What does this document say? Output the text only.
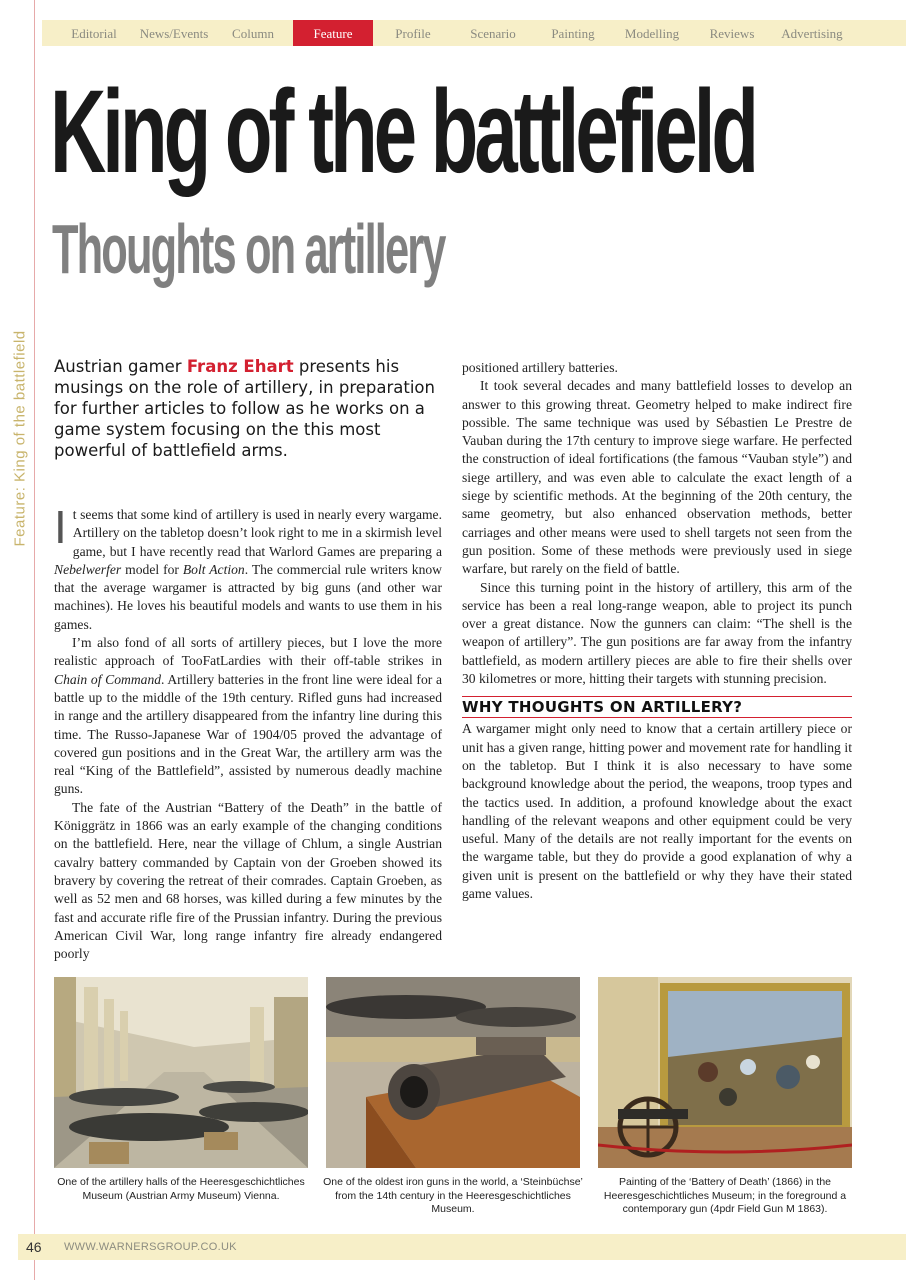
Editorial	News/Events	Column	Feature	Profile	Scenario	Painting	Modelling	Reviews	Advertising
Feature: King of the battlefield
King of the battlefield
Thoughts on artillery
Austrian gamer Franz Ehart presents his musings on the role of artillery, in preparation for further articles to follow as he works on a game system focusing on the this most powerful of battlefield arms.

It seems that some kind of artillery is used in nearly every wargame. Artillery on the tabletop doesn’t look right to me in a skirmish level game, but I have recently read that Warlord Games are preparing a Nebelwerfer model for Bolt Action. The commercial rule writers know that the average wargamer is attracted by big guns (and other war machines). He loves his beautiful models and wants to use them in his games.

I’m also fond of all sorts of artillery pieces, but I love the more realistic approach of TooFatLardies with their off-table strikes in Chain of Command. Artillery batteries in the front line were ideal for a battle up to the middle of the 19th century. Rifled guns had increased in range and the artillery disappeared from the infantry line during this time. The Russo-Japanese War of 1904/05 proved the advantage of covered gun positions and in the Great War, the artillery arm was the real “King of the Battlefield”, assisted by numerous deadly machine guns.

The fate of the Austrian “Battery of the Death” in the battle of Königgrätz in 1866 was an early example of the changing conditions on the battlefield. Here, near the village of Chlum, a single Austrian cavalry battery commanded by Captain von der Groeben showed its bravery by covering the retreat of their comrades. Captain Groeben, as well as 52 men and 68 horses, was killed during a few minutes by the fast and accurate rifle fire of the Prussian infantry. During the previous American Civil War, long range infantry fire already endangered poorly

positioned artillery batteries.

It took several decades and many battlefield losses to develop an answer to this growing threat. Geometry helped to make indirect fire possible. The same technique was used by Sébastien Le Prestre de Vauban during the 17th century to improve siege warfare. He perfected the construction of ideal fortifications (the famous “Vauban style”) and siege artillery, and was even able to calculate the exact length of a siege by scientific methods. At the beginning of the 20th century, the same geometry, but also enhanced observation methods, better carriages and other means were used to shell targets not seen from the gun position. Some of these methods were previously used in siege warfare, but rarely on the field of battle.

Since this turning point in the history of artillery, this arm of the service has been a real long-range weapon, able to project its punch over a great distance. Now the gunners can claim: “The shell is the weapon of artillery”. The gun positions are far away from the infantry battlefield, as modern artillery pieces are able to fire their shells over 30 kilometres or more, hitting their targets with stunning precision.

WHY THOUGHTS ON ARTILLERY?

A wargamer might only need to know that a certain artillery piece or unit has a given range, hitting power and movement rate for handling it on the tabletop. But I think it is also necessary to have some background knowledge about the period, the weapons, troop types and the tactics used. In addition, a profound knowledge about the exact handling of the relevant weapons and other equipment could be very useful. Many of the details are not really important for the events on the wargame table, but they do provide a good explanation of why a given unit is present on the battlefield or why they have their stated game values.

One of the artillery halls of the Heeresgeschichtliches Museum (Austrian Army Museum) Vienna.
One of the oldest iron guns in the world, a ‘Steinbüchse’ from the 14th century in the Heeresgeschichtliches Museum.
Painting of the ‘Battery of Death’ (1866) in the Heeresgeschichtliches Museum; in the foreground a contemporary gun (4pdr Field Gun M 1863).
46 WWW.WARNERSGROUP.CO.UK
